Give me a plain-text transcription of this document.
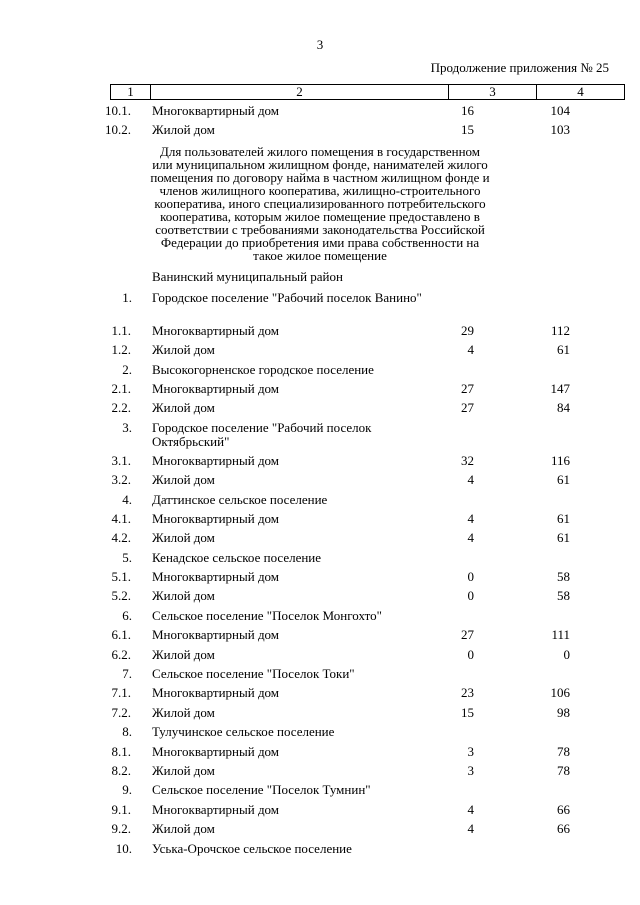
3
Продолжение приложения № 25
1	2	3	4
10.1. Многоквартирный дом	16	104
10.2. Жилой дом	15	103
Для пользователей жилого помещения в государственном или муниципальном жилищном фонде, нанимателей жилого помещения по договору найма в частном жилищном фонде и членов жилищного кооператива, жилищно-строительного кооператива, иного специализированного потребительского кооператива, которым жилое помещение предоставлено в соответствии с требованиями законодательства Российской Федерации до приобретения ими права собственности на такое жилое помещение
Ванинский муниципальный район
1. Городское поселение "Рабочий поселок Ванино"
1.1. Многоквартирный дом	29	112
1.2. Жилой дом	4	61
2. Высокогорненское городское поселение
2.1. Многоквартирный дом	27	147
2.2. Жилой дом	27	84
3. Городское поселение "Рабочий поселок Октябрьский"
3.1. Многоквартирный дом	32	116
3.2. Жилой дом	4	61
4. Даттинское сельское поселение
4.1. Многоквартирный дом	4	61
4.2. Жилой дом	4	61
5. Кенадское сельское поселение
5.1. Многоквартирный дом	0	58
5.2. Жилой дом	0	58
6. Сельское поселение "Поселок Монгохто"
6.1. Многоквартирный дом	27	111
6.2. Жилой дом	0	0
7. Сельское поселение "Поселок Токи"
7.1. Многоквартирный дом	23	106
7.2. Жилой дом	15	98
8. Тулучинское сельское поселение
8.1. Многоквартирный дом	3	78
8.2. Жилой дом	3	78
9. Сельское поселение "Поселок Тумнин"
9.1. Многоквартирный дом	4	66
9.2. Жилой дом	4	66
10. Уська-Орочское сельское поселение
